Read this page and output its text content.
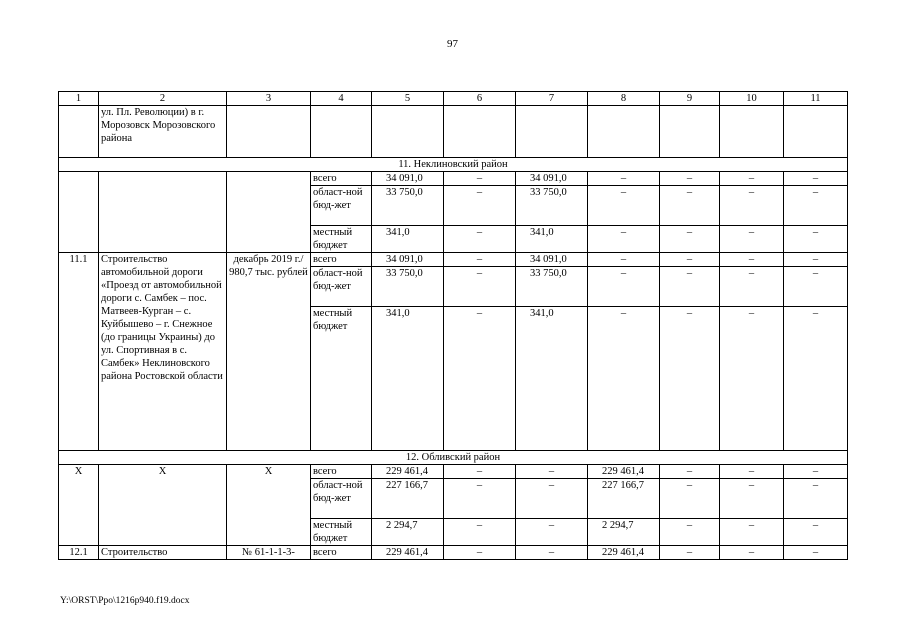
97
1	2	3	4	5	6	7	8	9	10	11
	ул. Пл. Революции) в г. Морозовск Морозовского района									
11. Неклиновский район										
			всего	34 091,0	–	34 091,0	–	–	–	–
			област-ной бюд-жет	33 750,0	–	33 750,0	–	–	–	–
			местный бюджет	341,0	–	341,0	–	–	–	–
11.1	Строительство автомобильной дороги «Проезд от автомобильной дороги с. Самбек – пос. Матвеев-Курган – с. Куйбышево – г. Снежное (до границы Украины) до ул. Спортивная в с. Самбек» Неклиновского района Ростовской области	декабрь 2019 г./ 980,7 тыс. рублей	всего	34 091,0	–	34 091,0	–	–	–	–
			област-ной бюд-жет	33 750,0	–	33 750,0	–	–	–	–
			местный бюджет	341,0	–	341,0	–	–	–	–
12. Обливский район										
Х	Х	Х	всего	229 461,4	–	–	229 461,4	–	–	–
			област-ной бюд-жет	227 166,7	–	–	227 166,7	–	–	–
			местный бюджет	2 294,7	–	–	2 294,7	–	–	–
12.1	Строительство	№ 61-1-1-3-	всего	229 461,4	–	–	229 461,4	–	–	–
Y:\ORST\Ppo\1216p940.f19.docx
